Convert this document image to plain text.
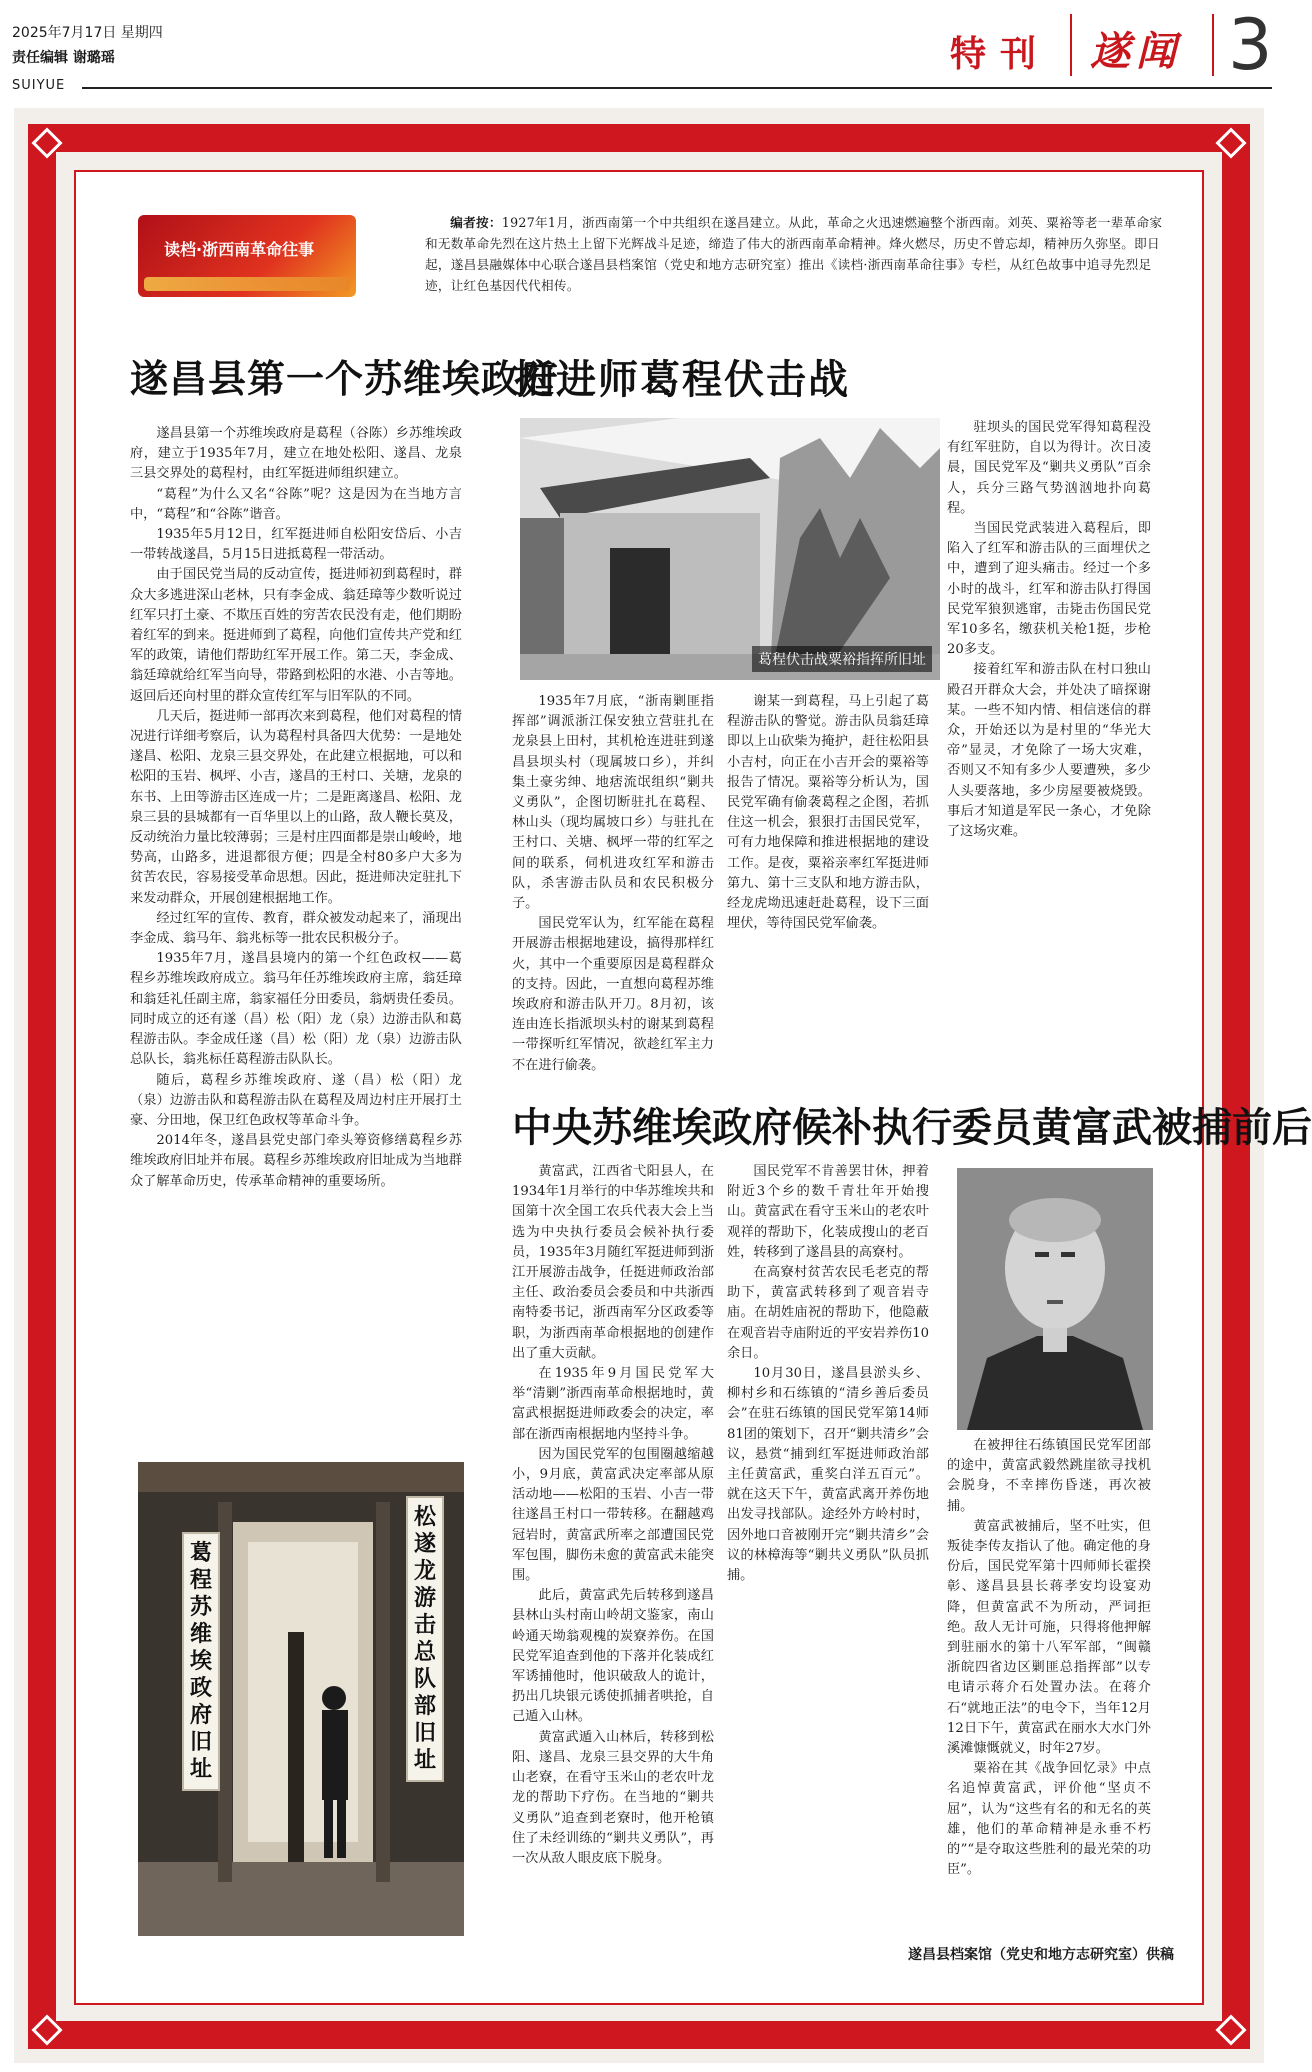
2025年7月17日 星期四
责任编辑 谢璐瑶
SUIYUE
特刊 遂闻 3
读档·浙西南革命往事
编者按：1927年1月，浙西南第一个中共组织在遂昌建立。从此，革命之火迅速燃遍整个浙西南。刘英、粟裕等老一辈革命家和无数革命先烈在这片热土上留下光辉战斗足迹，缔造了伟大的浙西南革命精神。烽火燃尽，历史不曾忘却，精神历久弥坚。即日起，遂昌县融媒体中心联合遂昌县档案馆（党史和地方志研究室）推出《读档·浙西南革命往事》专栏，从红色故事中追寻先烈足迹，让红色基因代代相传。
遂昌县第一个苏维埃政府
挺进师葛程伏击战
中央苏维埃政府候补执行委员黄富武被捕前后

遂昌县第一个苏维埃政府是葛程（谷陈）乡苏维埃政府，建立于1935年7月，建立在地处松阳、遂昌、龙泉三县交界处的葛程村，由红军挺进师组织建立。

“葛程”为什么又名“谷陈”呢？这是因为在当地方言中，“葛程”和“谷陈”谐音。

1935年5月12日，红军挺进师自松阳安岱后、小吉一带转战遂昌，5月15日进抵葛程一带活动。

由于国民党当局的反动宣传，挺进师初到葛程时，群众大多逃进深山老林，只有李金成、翁廷璋等少数听说过红军只打土豪、不欺压百姓的穷苦农民没有走，他们期盼着红军的到来。挺进师到了葛程，向他们宣传共产党和红军的政策，请他们帮助红军开展工作。第二天，李金成、翁廷璋就给红军当向导，带路到松阳的水港、小吉等地。返回后还向村里的群众宣传红军与旧军队的不同。

几天后，挺进师一部再次来到葛程，他们对葛程的情况进行详细考察后，认为葛程村具备四大优势：一是地处遂昌、松阳、龙泉三县交界处，在此建立根据地，可以和松阳的玉岩、枫坪、小吉，遂昌的王村口、关塘，龙泉的东书、上田等游击区连成一片；二是距离遂昌、松阳、龙泉三县的县城都有一百华里以上的山路，敌人鞭长莫及，反动统治力量比较薄弱；三是村庄四面都是崇山峻岭，地势高，山路多，进退都很方便；四是全村80多户大多为贫苦农民，容易接受革命思想。因此，挺进师决定驻扎下来发动群众，开展创建根据地工作。

经过红军的宣传、教育，群众被发动起来了，涌现出李金成、翁马年、翁兆标等一批农民积极分子。

1935年7月，遂昌县境内的第一个红色政权——葛程乡苏维埃政府成立。翁马年任苏维埃政府主席，翁廷璋和翁廷礼任副主席，翁家福任分田委员，翁炳贵任委员。同时成立的还有遂（昌）松（阳）龙（泉）边游击队和葛程游击队。李金成任遂（昌）松（阳）龙（泉）边游击队总队长，翁兆标任葛程游击队队长。

随后，葛程乡苏维埃政府、遂（昌）松（阳）龙（泉）边游击队和葛程游击队在葛程及周边村庄开展打土豪、分田地，保卫红色政权等革命斗争。

2014年冬，遂昌县党史部门牵头筹资修缮葛程乡苏维埃政府旧址并布展。葛程乡苏维埃政府旧址成为当地群众了解革命历史，传承革命精神的重要场所。

葛程伏击战粟裕指挥所旧址

1935年7月底，“浙南剿匪指挥部”调派浙江保安独立营驻扎在龙泉县上田村，其机枪连进驻到遂昌县坝头村（现属坡口乡），并纠集土豪劣绅、地痞流氓组织“剿共义勇队”，企图切断驻扎在葛程、林山头（现均属坡口乡）与驻扎在王村口、关塘、枫坪一带的红军之间的联系，伺机进攻红军和游击队，杀害游击队员和农民积极分子。

国民党军认为，红军能在葛程开展游击根据地建设，搞得那样红火，其中一个重要原因是葛程群众的支持。因此，一直想向葛程苏维埃政府和游击队开刀。8月初，该连由连长指派坝头村的谢某到葛程一带探听红军情况，欲趁红军主力不在进行偷袭。

谢某一到葛程，马上引起了葛程游击队的警觉。游击队员翁廷璋即以上山砍柴为掩护，赶往松阳县小吉村，向正在小吉开会的粟裕等报告了情况。粟裕等分析认为，国民党军确有偷袭葛程之企图，若抓住这一机会，狠狠打击国民党军，可有力地保障和推进根据地的建设工作。是夜，粟裕亲率红军挺进师第九、第十三支队和地方游击队，经龙虎坳迅速赶赴葛程，设下三面埋伏，等待国民党军偷袭。

驻坝头的国民党军得知葛程没有红军驻防，自以为得计。次日凌晨，国民党军及“剿共义勇队”百余人，兵分三路气势汹汹地扑向葛程。

当国民党武装进入葛程后，即陷入了红军和游击队的三面埋伏之中，遭到了迎头痛击。经过一个多小时的战斗，红军和游击队打得国民党军狼狈逃窜，击毙击伤国民党军10多名，缴获机关枪1挺，步枪20多支。

接着红军和游击队在村口独山殿召开群众大会，并处决了暗探谢某。一些不知内情、相信迷信的群众，开始还以为是村里的“华光大帝”显灵，才免除了一场大灾难，否则又不知有多少人要遭殃，多少人头要落地，多少房屋要被烧毁。事后才知道是军民一条心，才免除了这场灾难。

葛程苏维埃政府旧址
松遂龙游击总队部旧址

黄富武，江西省弋阳县人，在1934年1月举行的中华苏维埃共和国第十次全国工农兵代表大会上当选为中央执行委员会候补执行委员，1935年3月随红军挺进师到浙江开展游击战争，任挺进师政治部主任、政治委员会委员和中共浙西南特委书记，浙西南军分区政委等职，为浙西南革命根据地的创建作出了重大贡献。

在1935年9月国民党军大举“清剿”浙西南革命根据地时，黄富武根据挺进师政委会的决定，率部在浙西南根据地内坚持斗争。

因为国民党军的包围圈越缩越小，9月底，黄富武决定率部从原活动地——松阳的玉岩、小吉一带往遂昌王村口一带转移。在翻越鸡冠岩时，黄富武所率之部遭国民党军包围，脚伤未愈的黄富武未能突围。

此后，黄富武先后转移到遂昌县林山头村南山岭胡文鉴家，南山岭通天坳翁观槐的炭寮养伤。在国民党军追查到他的下落并化装成红军诱捕他时，他识破敌人的诡计，扔出几块银元诱使抓捕者哄抢，自己遁入山林。

黄富武遁入山林后，转移到松阳、遂昌、龙泉三县交界的大牛角山老寮，在看守玉米山的老农叶龙龙的帮助下疗伤。在当地的“剿共义勇队”追查到老寮时，他开枪镇住了未经训练的“剿共义勇队”，再一次从敌人眼皮底下脱身。

国民党军不肯善罢甘休，押着附近3个乡的数千青壮年开始搜山。黄富武在看守玉米山的老农叶观祥的帮助下，化装成搜山的老百姓，转移到了遂昌县的高寮村。

在高寮村贫苦农民毛老克的帮助下，黄富武转移到了观音岩寺庙。在胡姓庙祝的帮助下，他隐蔽在观音岩寺庙附近的平安岩养伤10余日。

10月30日，遂昌县淤头乡、柳村乡和石练镇的“清乡善后委员会”在驻石练镇的国民党军第14师81团的策划下，召开“剿共清乡”会议，悬赏“捕到红军挺进师政治部主任黄富武，重奖白洋五百元”。就在这天下午，黄富武离开养伤地出发寻找部队。途经外方岭村时，因外地口音被刚开完“剿共清乡”会议的林樟海等“剿共义勇队”队员抓捕。

在被押往石练镇国民党军团部的途中，黄富武毅然跳崖欲寻找机会脱身，不幸摔伤昏迷，再次被捕。

黄富武被捕后，坚不吐实，但叛徒李传友指认了他。确定他的身份后，国民党军第十四师师长霍揆彰、遂昌县县长蒋孝安均设宴劝降，但黄富武不为所动，严词拒绝。敌人无计可施，只得将他押解到驻丽水的第十八军军部，“闽赣浙皖四省边区剿匪总指挥部”以专电请示蒋介石处置办法。在蒋介石“就地正法”的电令下，当年12月12日下午，黄富武在丽水大水门外溪滩慷慨就义，时年27岁。

粟裕在其《战争回忆录》中点名追悼黄富武，评价他“坚贞不屈”，认为“这些有名的和无名的英雄，他们的革命精神是永垂不朽的”“是夺取这些胜利的最光荣的功臣”。

遂昌县档案馆（党史和地方志研究室）供稿
